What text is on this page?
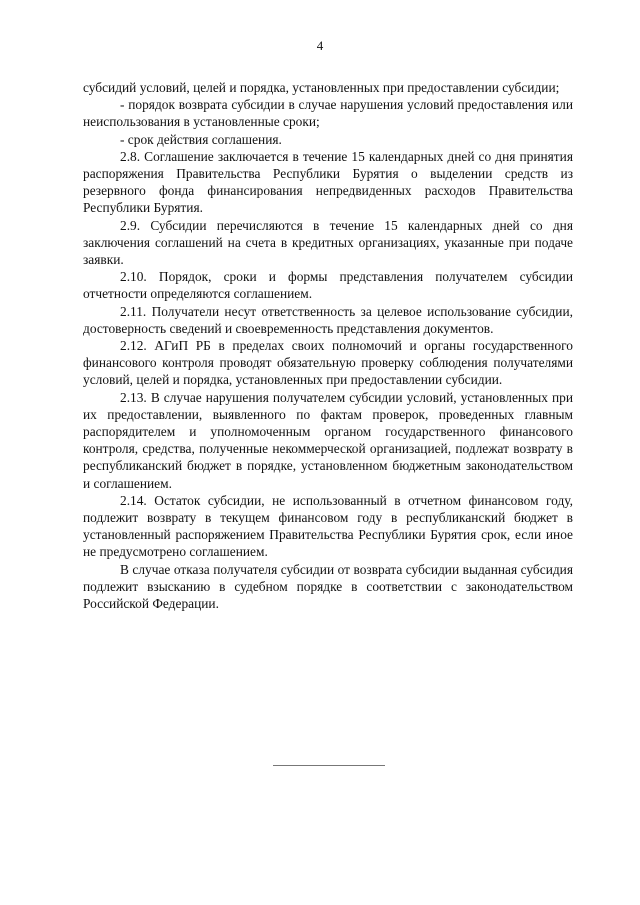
4

субсидий условий, целей и порядка, установленных при предоставлении субсидии;

- порядок возврата субсидии в случае нарушения условий предоставления или неиспользования в установленные сроки;

- срок действия соглашения.

2.8. Соглашение заключается в течение 15 календарных дней со дня принятия распоряжения Правительства Республики Бурятия о выделении средств из резервного фонда финансирования непредвиденных расходов Правительства Республики Бурятия.

2.9. Субсидии перечисляются в течение 15 календарных дней со дня заключения соглашений на счета в кредитных организациях, указанные при подаче заявки.

2.10. Порядок, сроки и формы представления получателем субсидии отчетности определяются соглашением.

2.11. Получатели несут ответственность за целевое использование субсидии, достоверность сведений и своевременность представления документов.

2.12. АГиП РБ в пределах своих полномочий и органы государственного финансового контроля проводят обязательную проверку соблюдения получателями условий, целей и порядка, установленных при предоставлении субсидии.

2.13. В случае нарушения получателем субсидии условий, установленных при их предоставлении, выявленного по фактам проверок, проведенных главным распорядителем и уполномоченным органом государственного финансового контроля, средства, полученные некоммерческой организацией, подлежат возврату в республиканский бюджет в порядке, установленном бюджетным законодательством и соглашением.

2.14. Остаток субсидии, не использованный в отчетном финансовом году, подлежит возврату в текущем финансовом году в республиканский бюджет в установленный распоряжением Правительства Республики Бурятия срок, если иное не предусмотрено соглашением.

В случае отказа получателя субсидии от возврата субсидии выданная субсидия подлежит взысканию в судебном порядке в соответствии с законодательством Российской Федерации.
